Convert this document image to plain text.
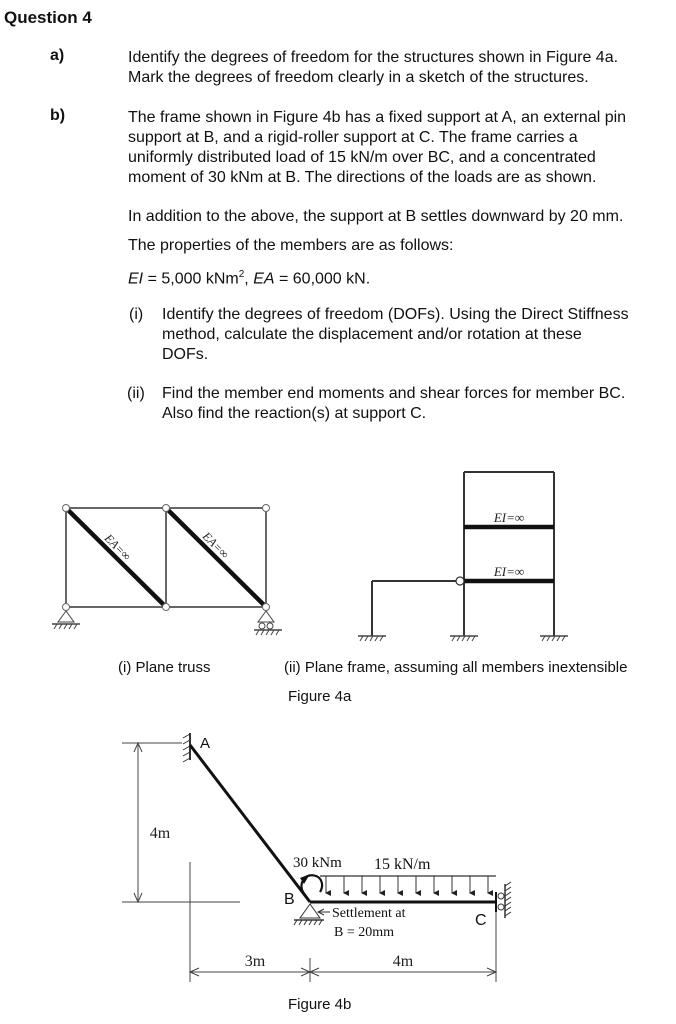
Question 4
a)	Identify the degrees of freedom for the structures shown in Figure 4a.
Mark the degrees of freedom clearly in a sketch of the structures.
b)	The frame shown in Figure 4b has a fixed support at A, an external pin
support at B, and a rigid-roller support at C. The frame carries a
uniformly distributed load of 15 kN/m over BC, and a concentrated
moment of 30 kNm at B. The directions of the loads are as shown.
In addition to the above, the support at B settles downward by 20 mm.
The properties of the members are as follows:
EI = 5,000 kNm$^2$, EA = 60,000 kN.
(i) Identify the degrees of freedom (DOFs). Using the Direct Stiffness
method, calculate the displacement and/or rotation at these
DOFs.
(ii) Find the member end moments and shear forces for member BC.
Also find the reaction(s) at support C.
EA=∞	EA=∞
EI=∞
EI=∞
(i) Plane truss	(ii) Plane frame, assuming all members inextensible
Figure 4a
4m
3m	4m
A
30 kNm 15 kN/m
B
Settlement at
B = 20mm
C
Figure 4b
